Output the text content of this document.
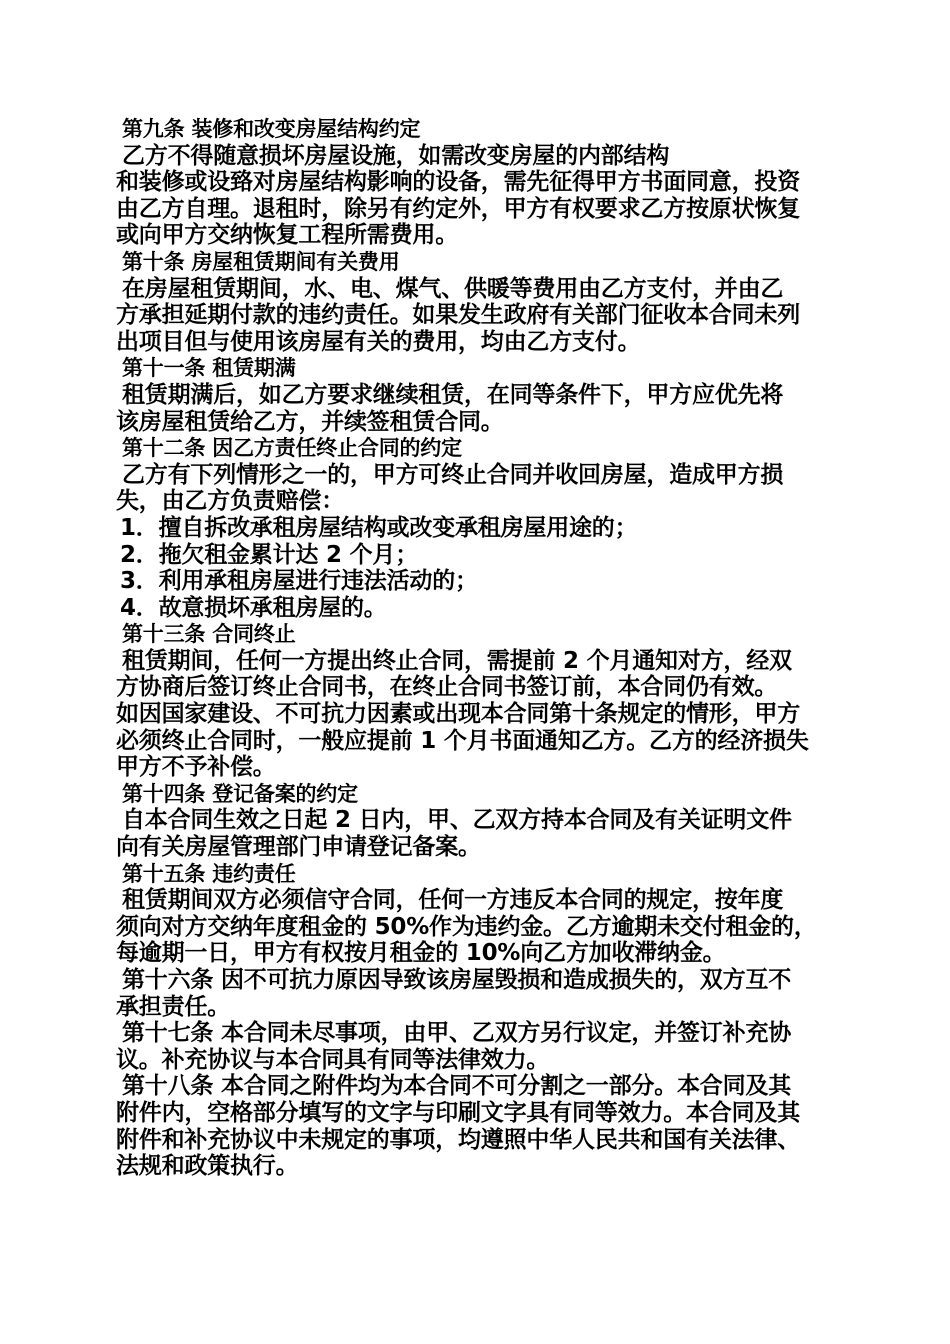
第九条 装修和改变房屋结构约定
乙方不得随意损坏房屋设施，如需改变房屋的内部结构
和装修或设臵对房屋结构影响的设备，需先征得甲方书面同意，投资
由乙方自理。退租时，除另有约定外，甲方有权要求乙方按原状恢复
或向甲方交纳恢复工程所需费用。
第十条 房屋租赁期间有关费用
在房屋租赁期间，水、电、煤气、供暖等费用由乙方支付，并由乙
方承担延期付款的违约责任。如果发生政府有关部门征收本合同未列
出项目但与使用该房屋有关的费用，均由乙方支付。
第十一条 租赁期满
租赁期满后，如乙方要求继续租赁，在同等条件下，甲方应优先将
该房屋租赁给乙方，并续签租赁合同。
第十二条 因乙方责任终止合同的约定
乙方有下列情形之一的，甲方可终止合同并收回房屋，造成甲方损
失，由乙方负责赔偿：
1．擅自拆改承租房屋结构或改变承租房屋用途的；
2．拖欠租金累计达 2 个月；
3．利用承租房屋进行违法活动的；
4．故意损坏承租房屋的。
第十三条 合同终止
租赁期间，任何一方提出终止合同，需提前 2 个月通知对方，经双
方协商后签订终止合同书，在终止合同书签订前，本合同仍有效。
如因国家建设、不可抗力因素或出现本合同第十条规定的情形，甲方
必须终止合同时，一般应提前 1 个月书面通知乙方。乙方的经济损失
甲方不予补偿。
第十四条 登记备案的约定
自本合同生效之日起 2 日内，甲、乙双方持本合同及有关证明文件
向有关房屋管理部门申请登记备案。
第十五条 违约责任
租赁期间双方必须信守合同，任何一方违反本合同的规定，按年度
须向对方交纳年度租金的 50%作为违约金。乙方逾期未交付租金的，
每逾期一日，甲方有权按月租金的 10%向乙方加收滞纳金。
第十六条 因不可抗力原因导致该房屋毁损和造成损失的，双方互不
承担责任。
第十七条 本合同未尽事项，由甲、乙双方另行议定，并签订补充协
议。补充协议与本合同具有同等法律效力。
第十八条 本合同之附件均为本合同不可分割之一部分。本合同及其
附件内，空格部分填写的文字与印刷文字具有同等效力。本合同及其
附件和补充协议中未规定的事项，均遵照中华人民共和国有关法律、
法规和政策执行。
